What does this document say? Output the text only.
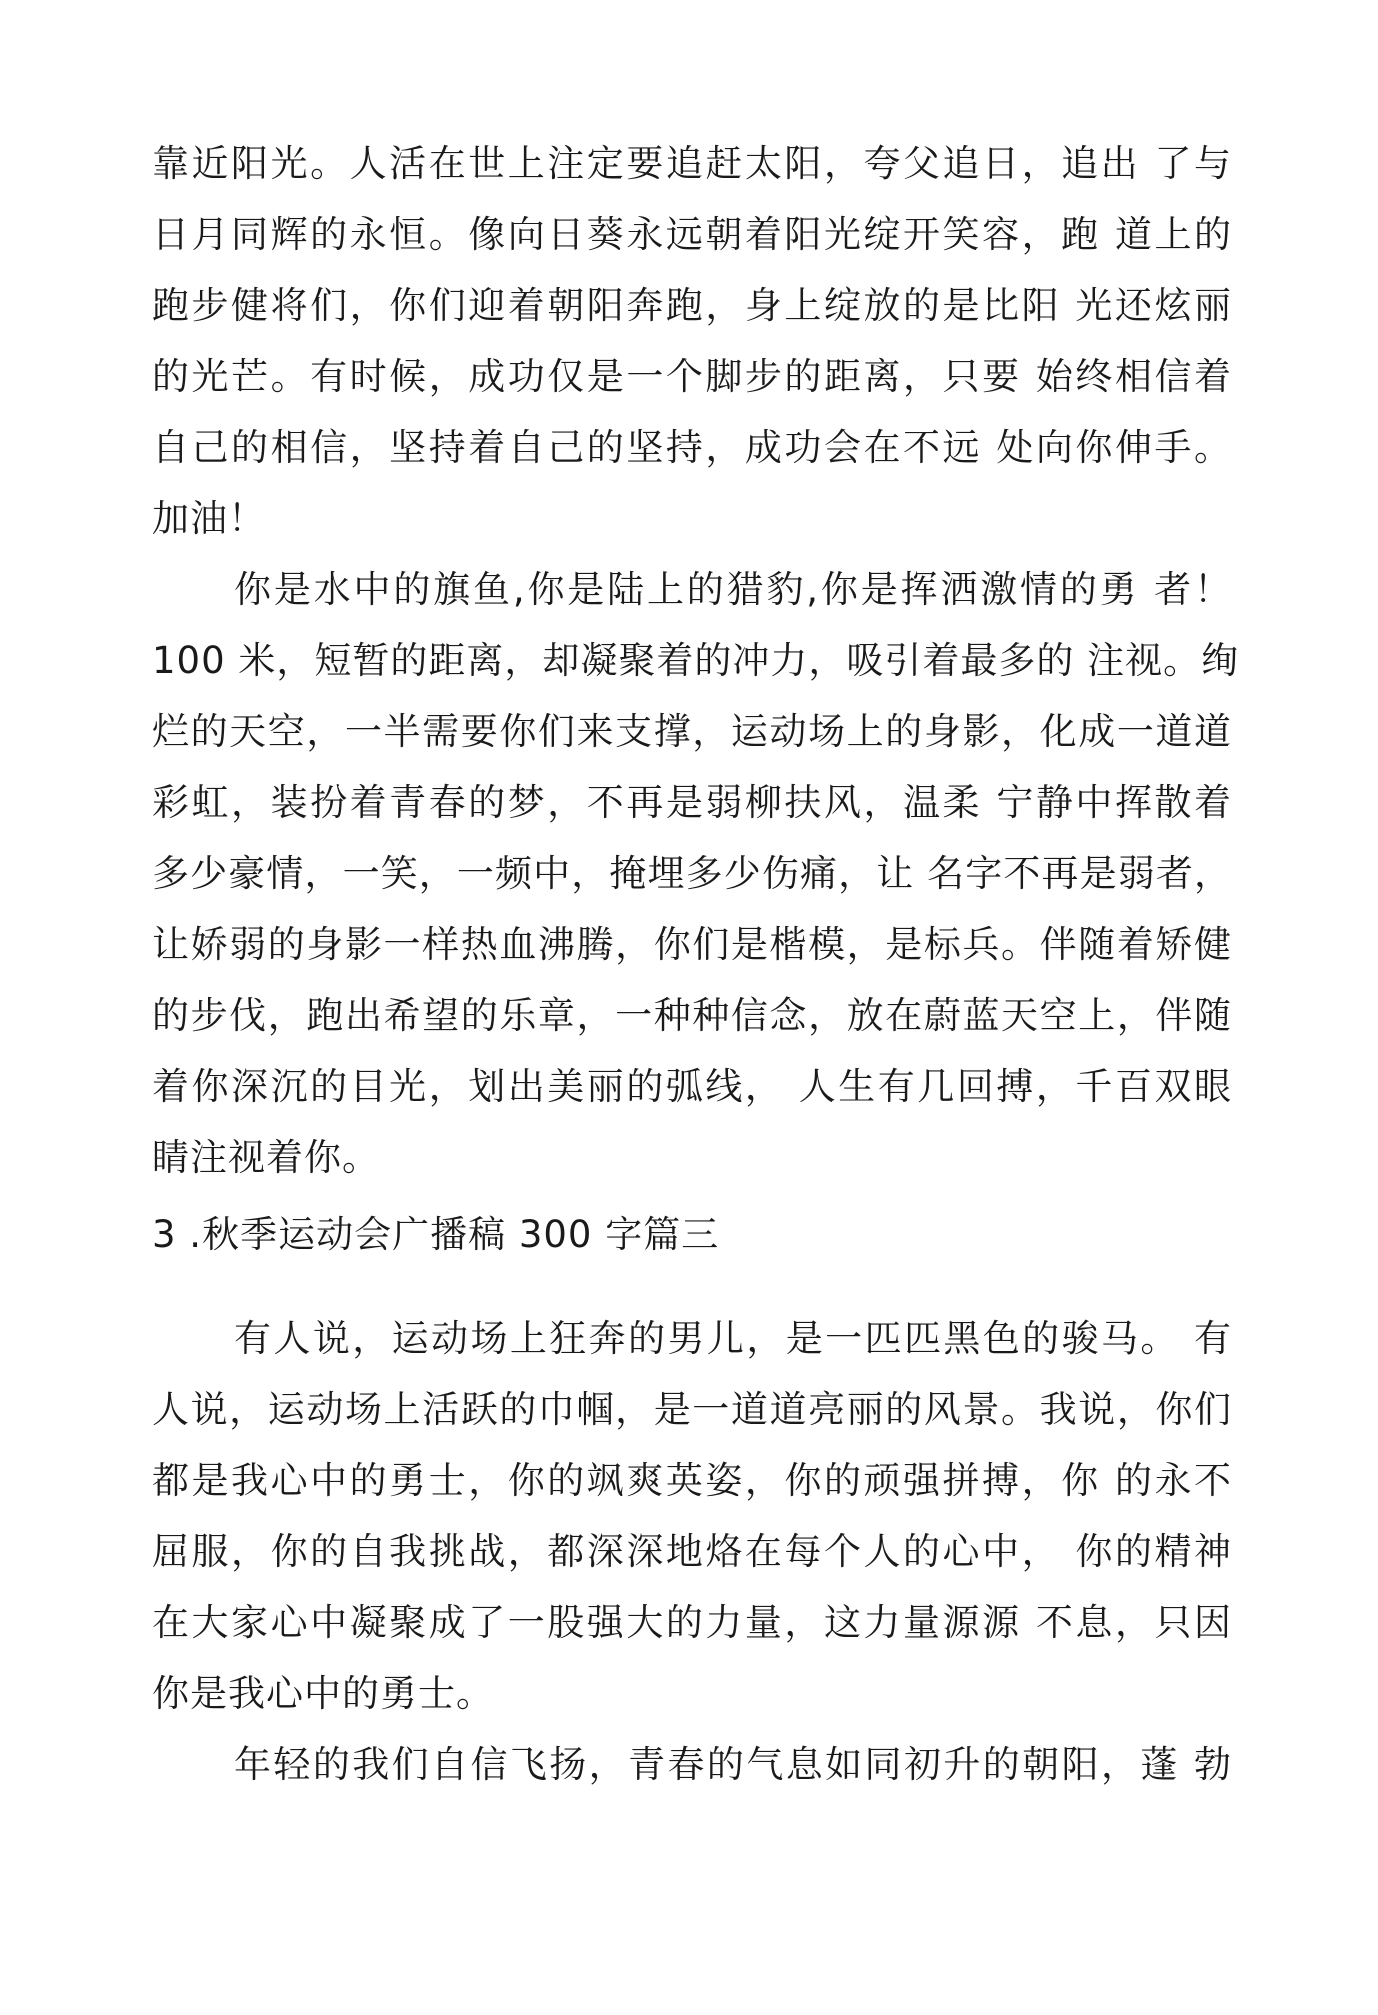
靠近阳光。人活在世上注定要追赶太阳，夸父追日，追出 了与
日月同辉的永恒。像向日葵永远朝着阳光绽开笑容，跑 道上的
跑步健将们，你们迎着朝阳奔跑，身上绽放的是比阳 光还炫丽
的光芒。有时候，成功仅是一个脚步的距离，只要 始终相信着
自己的相信，坚持着自己的坚持，成功会在不远 处向你伸手。
加油！
你是水中的旗鱼,你是陆上的猎豹,你是挥洒激情的勇 者！
100 米，短暂的距离，却凝聚着的冲力，吸引着最多的 注视。绚
烂的天空，一半需要你们来支撑，运动场上的身影，化成一道道
彩虹，装扮着青春的梦，不再是弱柳扶风，温柔 宁静中挥散着
多少豪情，一笑，一频中，掩埋多少伤痛，让 名字不再是弱者，
让娇弱的身影一样热血沸腾，你们是楷模，是标兵。伴随着矫健
的步伐，跑出希望的乐章，一种种信念，放在蔚蓝天空上，伴随
着你深沉的目光，划出美丽的弧线， 人生有几回搏，千百双眼
睛注视着你。
3 .秋季运动会广播稿 300 字篇三
有人说，运动场上狂奔的男儿，是一匹匹黑色的骏马。 有
人说，运动场上活跃的巾帼，是一道道亮丽的风景。我说，你们
都是我心中的勇士，你的飒爽英姿，你的顽强拼搏，你 的永不
屈服，你的自我挑战，都深深地烙在每个人的心中， 你的精神
在大家心中凝聚成了一股强大的力量，这力量源源 不息，只因
你是我心中的勇士。
年轻的我们自信飞扬，青春的气息如同初升的朝阳，蓬 勃
